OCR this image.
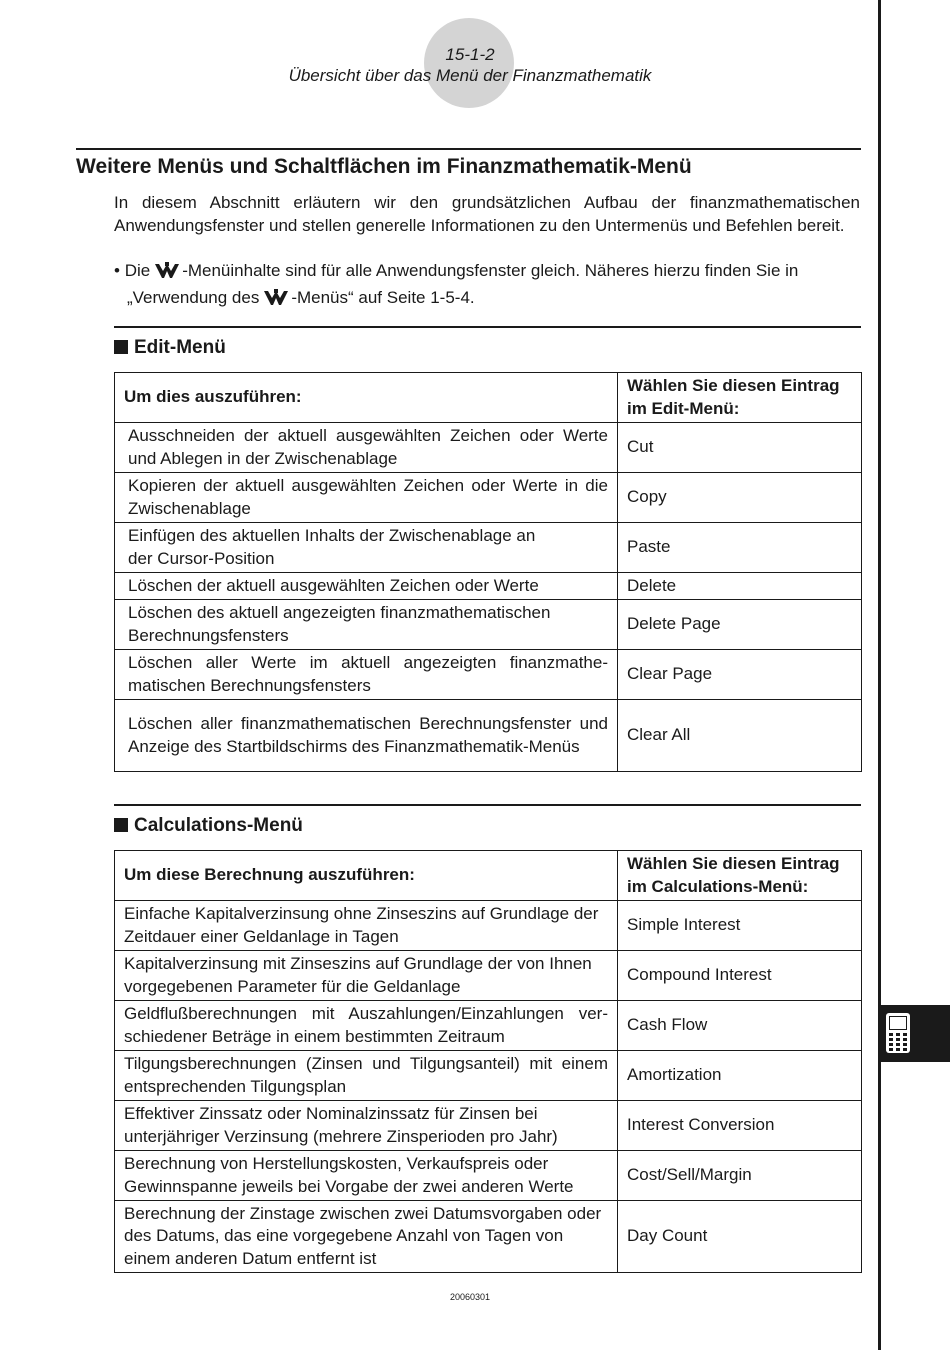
15-1-2
Übersicht über das Menü der Finanzmathematik
Weitere Menüs und Schaltflächen im Finanzmathematik-Menü

In diesem Abschnitt erläutern wir den grundsätzlichen Aufbau der finanzmathematischen Anwendungsfenster und stellen generelle Informationen zu den Untermenüs und Befehlen bereit.

• Die -Menüinhalte sind für alle Anwendungsfenster gleich. Näheres hierzu finden Sie in

„Verwendung des -Menüs“ auf Seite 1-5-4.

Edit-Menü
Um dies auszuführen:	Wählen Sie diesen Eintrag im Edit-Menü:
Ausschneiden der aktuell ausgewählten Zeichen oder Werte und Ablegen in der Zwischenablage	Cut
Kopieren der aktuell ausgewählten Zeichen oder Werte in die Zwischenablage	Copy
Einfügen des aktuellen Inhalts der Zwischenablage an der Cursor-Position	Paste
Löschen der aktuell ausgewählten Zeichen oder Werte	Delete
Löschen des aktuell angezeigten finanzmathematischen Berechnungsfensters	Delete Page
Löschen aller Werte im aktuell angezeigten finanzmathe-matischen Berechnungsfensters	Clear Page
Löschen aller finanzmathematischen Berechnungsfenster und Anzeige des Startbildschirms des Finanzmathematik-Menüs	Clear All
Calculations-Menü
Um diese Berechnung auszuführen:	Wählen Sie diesen Eintrag im Calculations-Menü:
Einfache Kapitalverzinsung ohne Zinseszins auf Grundlage der Zeitdauer einer Geldanlage in Tagen	Simple Interest
Kapitalverzinsung mit Zinseszins auf Grundlage der von Ihnen vorgegebenen Parameter für die Geldanlage	Compound Interest
Geldflußberechnungen mit Auszahlungen/Einzahlungen ver-schiedener Beträge in einem bestimmten Zeitraum	Cash Flow
Tilgungsberechnungen (Zinsen und Tilgungsanteil) mit einem entsprechenden Tilgungsplan	Amortization
Effektiver Zinssatz oder Nominalzinssatz für Zinsen bei unterjähriger Verzinsung (mehrere Zinsperioden pro Jahr)	Interest Conversion
Berechnung von Herstellungskosten, Verkaufspreis oder Gewinnspanne jeweils bei Vorgabe der zwei anderen Werte	Cost/Sell/Margin
Berechnung der Zinstage zwischen zwei Datumsvorgaben oder des Datums, das eine vorgegebene Anzahl von Tagen von einem anderen Datum entfernt ist	Day Count
20060301
